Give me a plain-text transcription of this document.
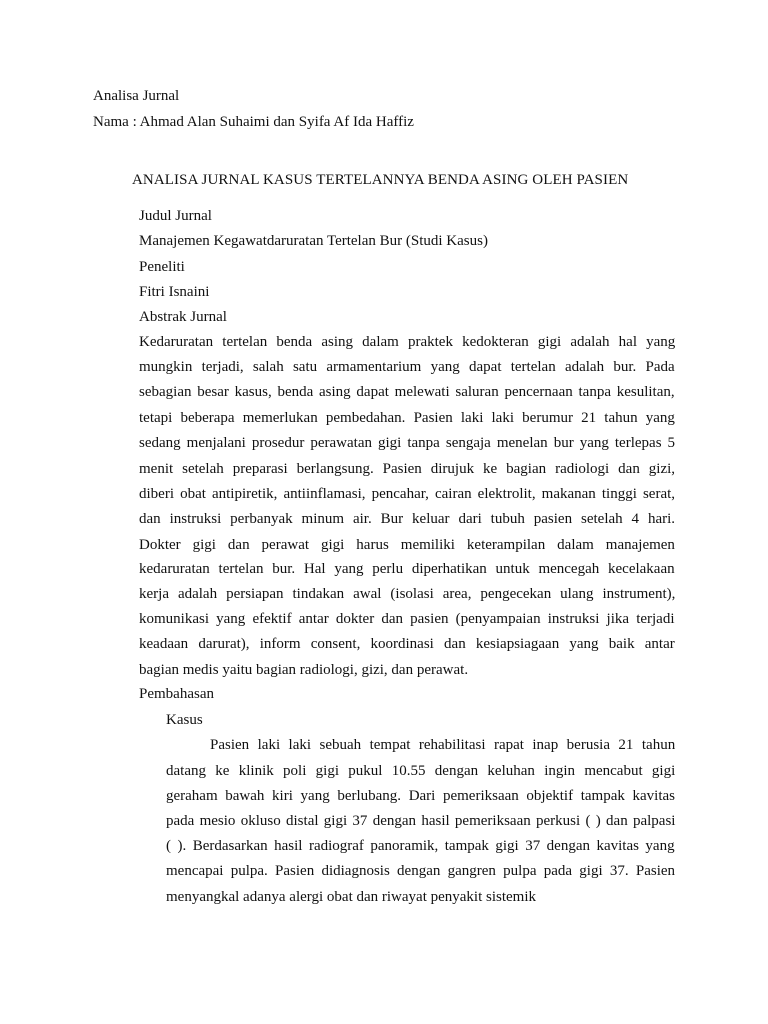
Analisa Jurnal
Nama : Ahmad Alan Suhaimi dan Syifa Af Ida Haffiz
ANALISA JURNAL KASUS TERTELANNYA BENDA ASING OLEH PASIEN
Judul Jurnal
Manajemen Kegawatdaruratan Tertelan Bur (Studi Kasus)
Peneliti
Fitri Isnaini
Abstrak Jurnal
Kedaruratan tertelan benda asing dalam praktek kedokteran gigi adalah hal yang
mungkin terjadi, salah satu armamentarium yang dapat tertelan adalah bur. Pada
sebagian besar kasus, benda asing dapat melewati saluran pencernaan tanpa kesulitan,
tetapi beberapa memerlukan pembedahan. Pasien laki laki berumur 21 tahun yang
sedang menjalani prosedur perawatan gigi tanpa sengaja menelan bur yang terlepas 5
menit setelah preparasi berlangsung. Pasien dirujuk ke bagian radiologi dan gizi,
diberi obat antipiretik, antiinflamasi, pencahar, cairan elektrolit, makanan tinggi serat,
dan instruksi perbanyak minum air. Bur keluar dari tubuh pasien setelah 4 hari.
Dokter gigi dan perawat gigi harus memiliki keterampilan dalam manajemen
kedaruratan tertelan bur. Hal yang perlu diperhatikan untuk mencegah kecelakaan
kerja adalah persiapan tindakan awal (isolasi area, pengecekan ulang instrument),
komunikasi yang efektif antar dokter dan pasien (penyampaian instruksi jika terjadi
keadaan darurat), inform consent, koordinasi dan kesiapsiagaan yang baik antar
bagian medis yaitu bagian radiologi, gizi, dan perawat.
Pembahasan
Kasus
Pasien laki laki sebuah tempat rehabilitasi rapat inap berusia 21 tahun
datang ke klinik poli gigi pukul 10.55 dengan keluhan ingin mencabut gigi
geraham bawah kiri yang berlubang. Dari pemeriksaan objektif tampak kavitas
pada mesio okluso distal gigi 37 dengan hasil pemeriksaan perkusi ( ) dan palpasi
( ). Berdasarkan hasil radiograf panoramik, tampak gigi 37 dengan kavitas yang
mencapai pulpa. Pasien didiagnosis dengan gangren pulpa pada gigi 37. Pasien
menyangkal adanya alergi obat dan riwayat penyakit sistemik
